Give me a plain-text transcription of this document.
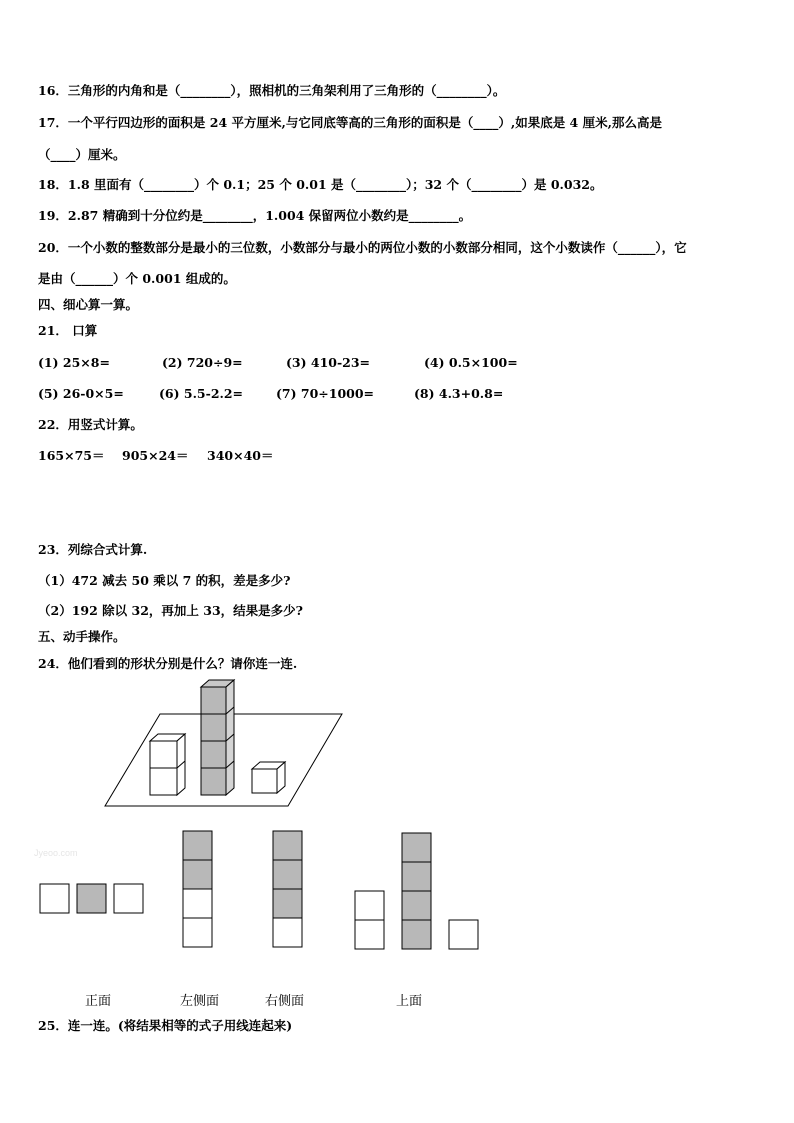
16．三角形的内角和是（________），照相机的三角架利用了三角形的（________）。
17．一个平行四边形的面积是 24 平方厘米,与它同底等高的三角形的面积是（____）,如果底是 4 厘米,那么高是
（____）厘米。
18．1.8 里面有（________）个 0.1；25 个 0.01 是（________）；32 个（________）是 0.032。
19．2.87 精确到十分位约是________，1.004 保留两位小数约是________。
20．一个小数的整数部分是最小的三位数，小数部分与最小的两位小数的小数部分相同，这个小数读作（______），它
是由（______）个 0.001 组成的。
四、细心算一算。
21． 口算
(1) 25×8=	(2) 720÷9=	(3) 410-23=	(4) 0.5×100=
(5) 26-0×5=	(6) 5.5-2.2=	(7) 70÷1000=	(8) 4.3+0.8=
22．用竖式计算。
165×75＝ 905×24＝ 340×40＝
23．列综合式计算.
（1）472 减去 50 乘以 7 的积，差是多少?
（2）192 除以 32，再加上 33，结果是多少?
五、动手操作。
24．他们看到的形状分别是什么？请你连一连.
Jyeoo.com
正面	左侧面	右侧面	上面
25．连一连。(将结果相等的式子用线连起来)
